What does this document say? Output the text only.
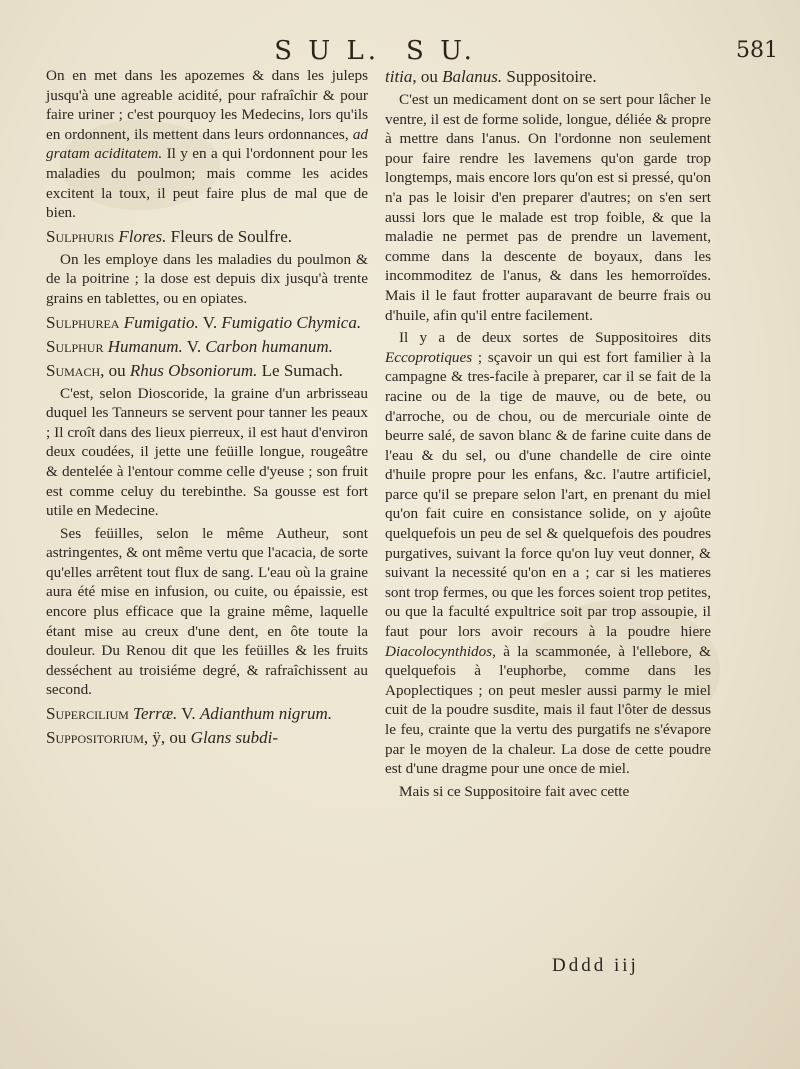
S U L. S U.	581

On en met dans les apozemes & dans les juleps jusqu'à une agreable acidité, pour rafraîchir & pour faire uriner ; c'est pourquoy les Medecins, lors qu'ils en ordonnent, ils mettent dans leurs ordonnances, ad gratam aciditatem. Il y en a qui l'ordonnent pour les maladies du poulmon; mais comme les acides excitent la toux, il peut faire plus de mal que de bien.

Sulphuris Flores. Fleurs de Soulfre.

On les employe dans les maladies du poulmon & de la poitrine ; la dose est depuis dix jusqu'à trente grains en tablettes, ou en opiates.

Sulphurea Fumigatio. V. Fumigatio Chymica.

Sulphur Humanum. V. Carbon humanum.

Sumach, ou Rhus Obsoniorum. Le Sumach.

C'est, selon Dioscoride, la graine d'un arbrisseau duquel les Tanneurs se servent pour tanner les peaux ; Il croît dans des lieux pierreux, il est haut d'environ deux coudées, il jette une feüille longue, rougeâtre & dentelée à l'entour comme celle d'yeuse ; son fruit est comme celuy du terebinthe. Sa gousse est fort utile en Medecine.

Ses feüilles, selon le même Autheur, sont astringentes, & ont même vertu que l'acacia, de sorte qu'elles arrêtent tout flux de sang. L'eau où la graine aura été mise en infusion, ou cuite, ou épaissie, est encore plus efficace que la graine même, laquelle étant mise au creux d'une dent, en ôte toute la douleur. Du Renou dit que les feüilles & les fruits desséchent au troisiéme degré, & rafraîchissent au second.

Supercilium Terræ. V. Adianthum nigrum.

Suppositorium, ÿ, ou Glans subdi-

titia, ou Balanus. Suppositoire.

C'est un medicament dont on se sert pour lâcher le ventre, il est de forme solide, longue, déliée & propre à mettre dans l'anus. On l'ordonne non seulement pour faire rendre les lavemens qu'on garde trop longtemps, mais encore lors qu'on est si pressé, qu'on n'a pas le loisir d'en preparer d'autres; on s'en sert aussi lors que le malade est trop foible, & que la maladie ne permet pas de prendre un lavement, comme dans la descente de boyaux, dans les incommoditez de l'anus, & dans les hemorroïdes. Mais il le faut frotter auparavant de beurre frais ou d'huile, afin qu'il entre facilement.

Il y a de deux sortes de Suppositoires dits Eccoprotiques ; sçavoir un qui est fort familier à la campagne & tres-facile à preparer, car il se fait de la racine ou de la tige de mauve, ou de bete, ou d'arroche, ou de chou, ou de mercuriale ointe de beurre salé, de savon blanc & de farine cuite dans de l'eau & du sel, ou d'une chandelle de cire ointe d'huile propre pour les enfans, &c. l'autre artificiel, parce qu'il se prepare selon l'art, en prenant du miel qu'on fait cuire en consistance solide, on y ajoûte quelquefois un peu de sel & quelquefois des poudres purgatives, suivant la force qu'on luy veut donner, & suivant la necessité qu'on en a ; car si les matieres sont trop fermes, ou que les forces soient trop petites, ou que la faculté expultrice soit par trop assoupie, il faut pour lors avoir recours à la poudre hiere Diacolocynthidos, à la scammonée, à l'ellebore, & quelquefois à l'euphorbe, comme dans les Apoplectiques ; on peut mesler aussi parmy le miel cuit de la poudre susdite, mais il faut l'ôter de dessus le feu, crainte que la vertu des purgatifs ne s'évapore par le moyen de la chaleur. La dose de cette poudre est d'une dragme pour une once de miel.

Mais si ce Suppositoire fait avec cette

Dddd iij
